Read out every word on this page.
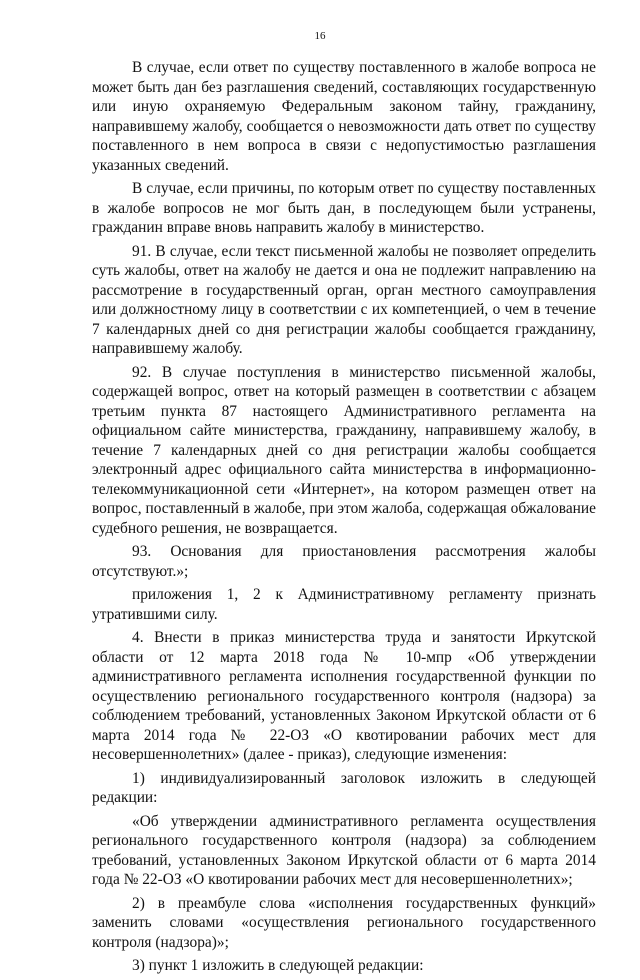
16

В случае, если ответ по существу поставленного в жалобе вопроса не может быть дан без разглашения сведений, составляющих государственную или иную охраняемую Федеральным законом тайну, гражданину, направившему жалобу, сообщается о невозможности дать ответ по существу поставленного в нем вопроса в связи с недопустимостью разглашения указанных сведений.

В случае, если причины, по которым ответ по существу поставленных в жалобе вопросов не мог быть дан, в последующем были устранены, гражданин вправе вновь направить жалобу в министерство.

91. В случае, если текст письменной жалобы не позволяет определить суть жалобы, ответ на жалобу не дается и она не подлежит направлению на рассмотрение в государственный орган, орган местного самоуправления или должностному лицу в соответствии с их компетенцией, о чем в течение 7 календарных дней со дня регистрации жалобы сообщается гражданину, направившему жалобу.

92. В случае поступления в министерство письменной жалобы, содержащей вопрос, ответ на который размещен в соответствии с абзацем третьим пункта 87 настоящего Административного регламента на официальном сайте министерства, гражданину, направившему жалобу, в течение 7 календарных дней со дня регистрации жалобы сообщается электронный адрес официального сайта министерства в информационно-телекоммуникационной сети «Интернет», на котором размещен ответ на вопрос, поставленный в жалобе, при этом жалоба, содержащая обжалование судебного решения, не возвращается.

93. Основания для приостановления рассмотрения жалобы отсутствуют.»;

приложения 1, 2 к Административному регламенту признать утратившими силу.

4. Внести в приказ министерства труда и занятости Иркутской области от 12 марта 2018 года № 10-мпр «Об утверждении административного регламента исполнения государственной функции по осуществлению регионального государственного контроля (надзора) за соблюдением требований, установленных Законом Иркутской области от 6 марта 2014 года № 22-ОЗ «О квотировании рабочих мест для несовершеннолетних» (далее - приказ), следующие изменения:

1) индивидуализированный заголовок изложить в следующей редакции:

«Об утверждении административного регламента осуществления регионального государственного контроля (надзора) за соблюдением требований, установленных Законом Иркутской области от 6 марта 2014 года № 22-ОЗ «О квотировании рабочих мест для несовершеннолетних»;

2) в преамбуле слова «исполнения государственных функций» заменить словами «осуществления регионального государственного контроля (надзора)»;

3) пункт 1 изложить в следующей редакции:
